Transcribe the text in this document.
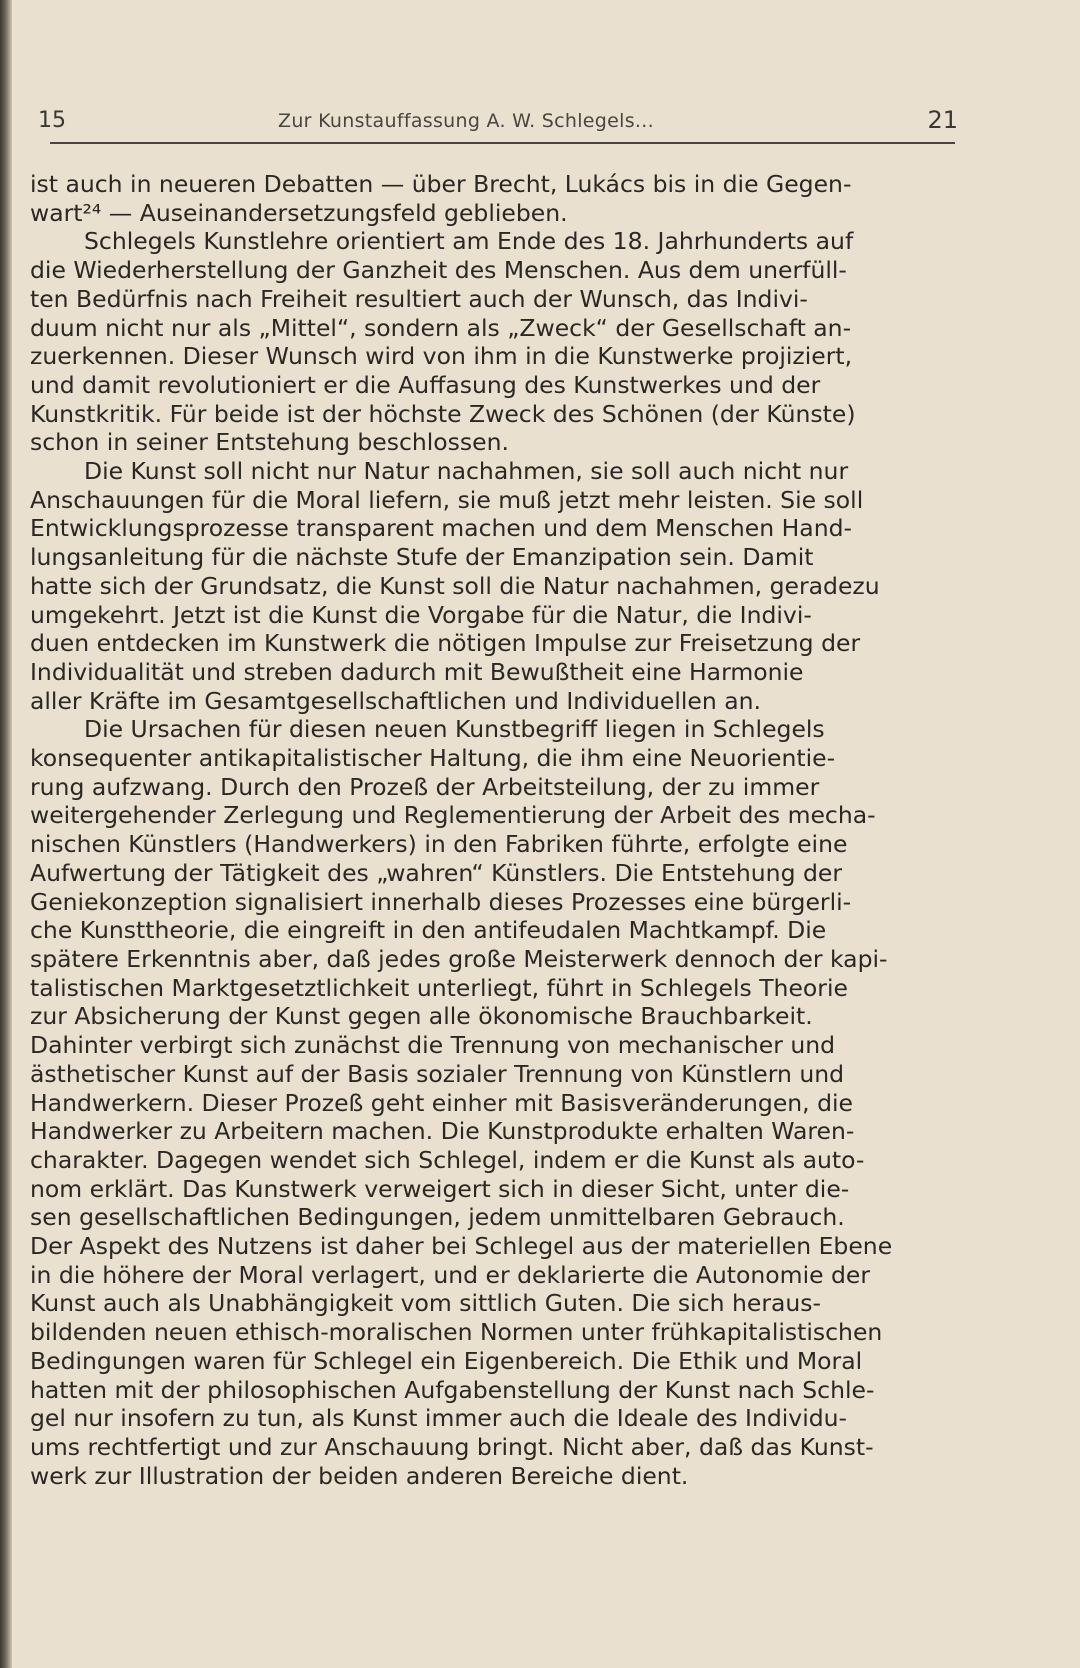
15	Zur Kunstauffassung A. W. Schlegels...	21
ist auch in neueren Debatten — über Brecht, Lukács bis in die Gegen-
wart²⁴ — Auseinandersetzungsfeld geblieben.
Schlegels Kunstlehre orientiert am Ende des 18. Jahrhunderts auf
die Wiederherstellung der Ganzheit des Menschen. Aus dem unerfüll-
ten Bedürfnis nach Freiheit resultiert auch der Wunsch, das Indivi-
duum nicht nur als „Mittel“, sondern als „Zweck“ der Gesellschaft an-
zuerkennen. Dieser Wunsch wird von ihm in die Kunstwerke projiziert,
und damit revolutioniert er die Auffasung des Kunstwerkes und der
Kunstkritik. Für beide ist der höchste Zweck des Schönen (der Künste)
schon in seiner Entstehung beschlossen.
Die Kunst soll nicht nur Natur nachahmen, sie soll auch nicht nur
Anschauungen für die Moral liefern, sie muß jetzt mehr leisten. Sie soll
Entwicklungsprozesse transparent machen und dem Menschen Hand-
lungsanleitung für die nächste Stufe der Emanzipation sein. Damit
hatte sich der Grundsatz, die Kunst soll die Natur nachahmen, geradezu
umgekehrt. Jetzt ist die Kunst die Vorgabe für die Natur, die Indivi-
duen entdecken im Kunstwerk die nötigen Impulse zur Freisetzung der
Individualität und streben dadurch mit Bewußtheit eine Harmonie
aller Kräfte im Gesamtgesellschaftlichen und Individuellen an.
Die Ursachen für diesen neuen Kunstbegriff liegen in Schlegels
konsequenter antikapitalistischer Haltung, die ihm eine Neuorientie-
rung aufzwang. Durch den Prozeß der Arbeitsteilung, der zu immer
weitergehender Zerlegung und Reglementierung der Arbeit des mecha-
nischen Künstlers (Handwerkers) in den Fabriken führte, erfolgte eine
Aufwertung der Tätigkeit des „wahren“ Künstlers. Die Entstehung der
Geniekonzeption signalisiert innerhalb dieses Prozesses eine bürgerli-
che Kunsttheorie, die eingreift in den antifeudalen Machtkampf. Die
spätere Erkenntnis aber, daß jedes große Meisterwerk dennoch der kapi-
talistischen Marktgesetztlichkeit unterliegt, führt in Schlegels Theorie
zur Absicherung der Kunst gegen alle ökonomische Brauchbarkeit.
Dahinter verbirgt sich zunächst die Trennung von mechanischer und
ästhetischer Kunst auf der Basis sozialer Trennung von Künstlern und
Handwerkern. Dieser Prozeß geht einher mit Basisveränderungen, die
Handwerker zu Arbeitern machen. Die Kunstprodukte erhalten Waren-
charakter. Dagegen wendet sich Schlegel, indem er die Kunst als auto-
nom erklärt. Das Kunstwerk verweigert sich in dieser Sicht, unter die-
sen gesellschaftlichen Bedingungen, jedem unmittelbaren Gebrauch.
Der Aspekt des Nutzens ist daher bei Schlegel aus der materiellen Ebene
in die höhere der Moral verlagert, und er deklarierte die Autonomie der
Kunst auch als Unabhängigkeit vom sittlich Guten. Die sich heraus-
bildenden neuen ethisch-moralischen Normen unter frühkapitalistischen
Bedingungen waren für Schlegel ein Eigenbereich. Die Ethik und Moral
hatten mit der philosophischen Aufgabenstellung der Kunst nach Schle-
gel nur insofern zu tun, als Kunst immer auch die Ideale des Individu-
ums rechtfertigt und zur Anschauung bringt. Nicht aber, daß das Kunst-
werk zur Illustration der beiden anderen Bereiche dient.
